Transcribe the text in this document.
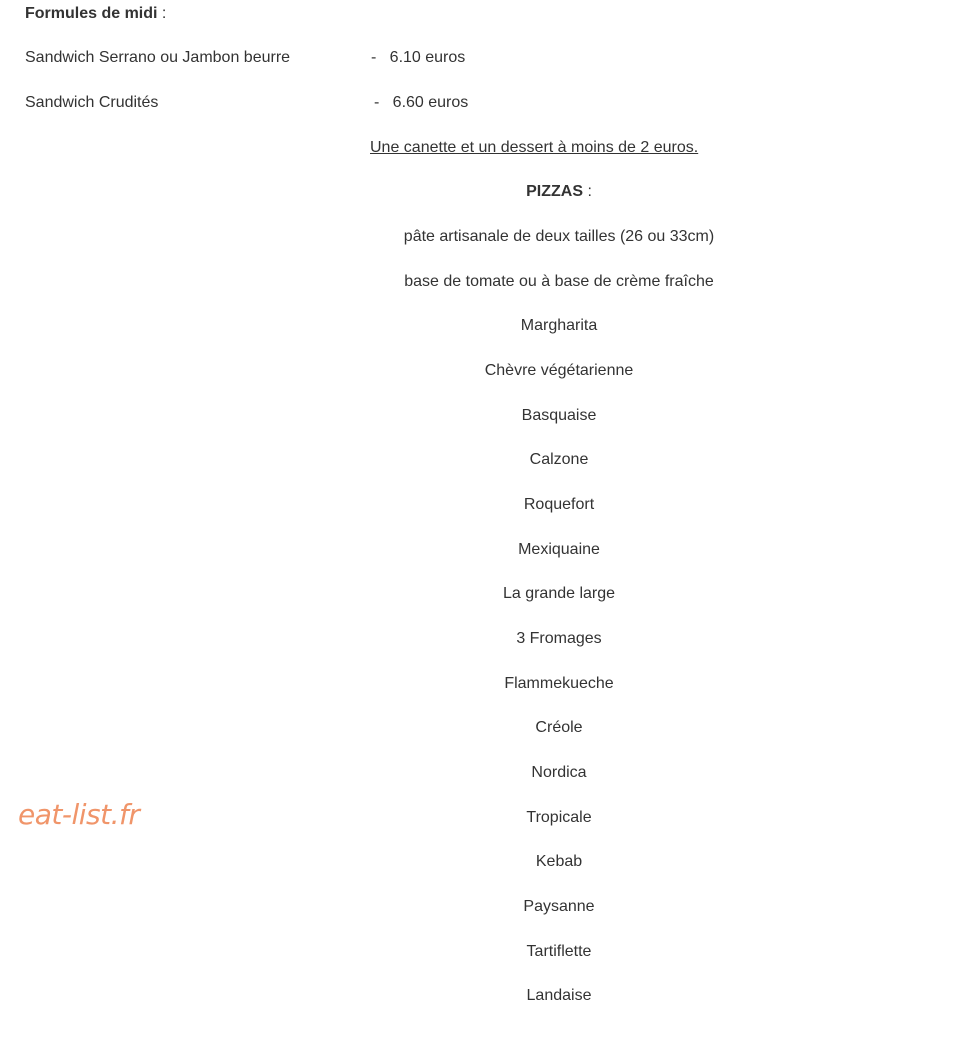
Formules de midi :
Sandwich Serrano ou Jambon beurre	-   6.10 euros
Sandwich Crudités	-   6.60 euros
Une canette et un dessert à moins de 2 euros.
PIZZAS :
pâte artisanale de deux tailles (26 ou 33cm)
base de tomate ou à base de crème fraîche
Margharita
Chèvre végétarienne
Basquaise
Calzone
Roquefort
Mexiquaine
La grande large
3 Fromages
Flammekueche
Créole
Nordica
Tropicale
Kebab
Paysanne
Tartiflette
Landaise
eat-list.fr
